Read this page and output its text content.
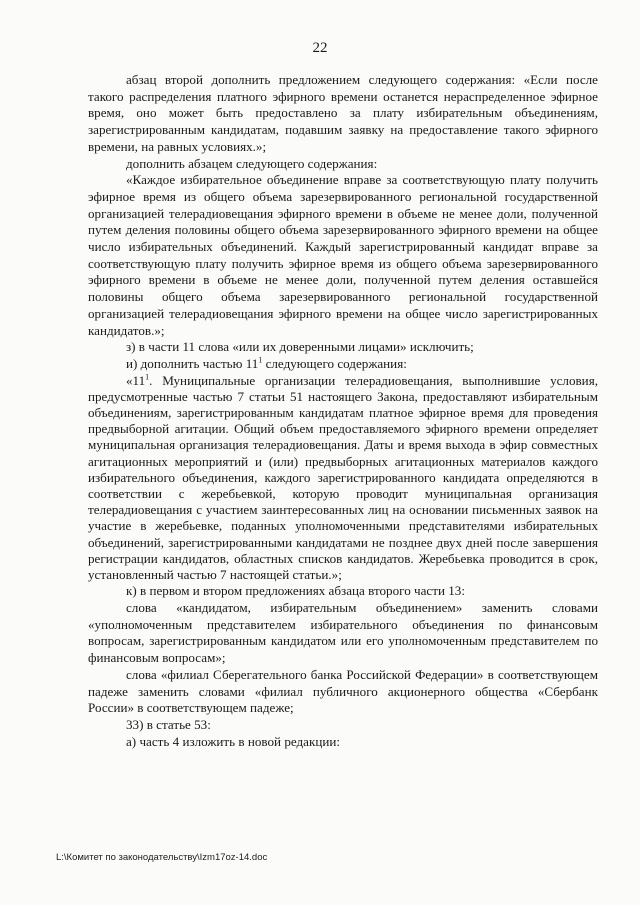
22

абзац второй дополнить предложением следующего содержания: «Если после такого распределения платного эфирного времени останется нераспределенное эфирное время, оно может быть предоставлено за плату избирательным объединениям, зарегистрированным кандидатам, подавшим заявку на предоставление такого эфирного времени, на равных условиях.»;

дополнить абзацем следующего содержания:

«Каждое избирательное объединение вправе за соответствующую плату получить эфирное время из общего объема зарезервированного региональной государственной организацией телерадиовещания эфирного времени в объеме не менее доли, полученной путем деления половины общего объема зарезервированного эфирного времени на общее число избирательных объединений. Каждый зарегистрированный кандидат вправе за соответствующую плату получить эфирное время из общего объема зарезервированного эфирного времени в объеме не менее доли, полученной путем деления оставшейся половины общего объема зарезервированного региональной государственной организацией телерадиовещания эфирного времени на общее число зарегистрированных кандидатов.»;

з) в части 11 слова «или их доверенными лицами» исключить;

и) дополнить частью $11^1$ следующего содержания:

«$11^1$. Муниципальные организации телерадиовещания, выполнившие условия, предусмотренные частью 7 статьи 51 настоящего Закона, предоставляют избирательным объединениям, зарегистрированным кандидатам платное эфирное время для проведения предвыборной агитации. Общий объем предоставляемого эфирного времени определяет муниципальная организация телерадиовещания. Даты и время выхода в эфир совместных агитационных мероприятий и (или) предвыборных агитационных материалов каждого избирательного объединения, каждого зарегистрированного кандидата определяются в соответствии с жеребьевкой, которую проводит муниципальная организация телерадиовещания с участием заинтересованных лиц на основании письменных заявок на участие в жеребьевке, поданных уполномоченными представителями избирательных объединений, зарегистрированными кандидатами не позднее двух дней после завершения регистрации кандидатов, областных списков кандидатов. Жеребьевка проводится в срок, установленный частью 7 настоящей статьи.»;

к) в первом и втором предложениях абзаца второго части 13:

слова «кандидатом, избирательным объединением» заменить словами «уполномоченным представителем избирательного объединения по финансовым вопросам, зарегистрированным кандидатом или его уполномоченным представителем по финансовым вопросам»;

слова «филиал Сберегательного банка Российской Федерации» в соответствующем падеже заменить словами «филиал публичного акционерного общества «Сбербанк России» в соответствующем падеже;

33) в статье 53:

а) часть 4 изложить в новой редакции:

L:\Комитет по законодательству\Izm17oz-14.doc
